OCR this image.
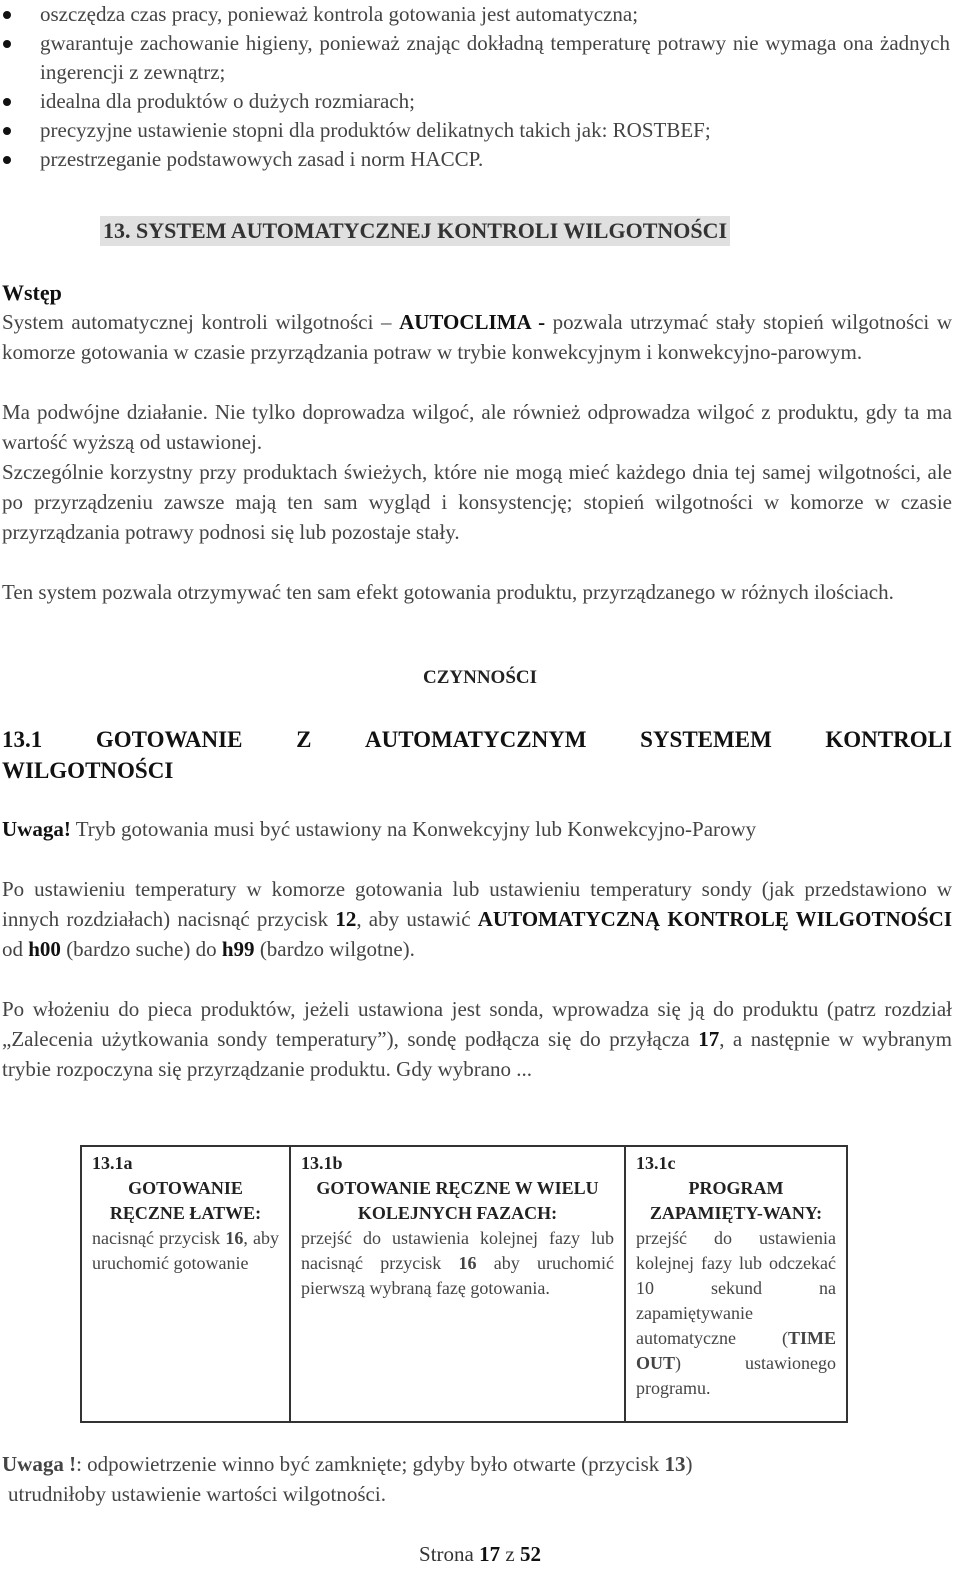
oszczędza czas pracy, ponieważ kontrola gotowania jest automatyczna;
gwarantuje zachowanie higieny, ponieważ znając dokładną temperaturę potrawy nie wymaga ona żadnych ingerencji z zewnątrz;
idealna dla produktów o dużych rozmiarach;
precyzyjne ustawienie stopni dla produktów delikatnych takich jak: ROSTBEF;
przestrzeganie podstawowych zasad i norm HACCP.
13. SYSTEM AUTOMATYCZNEJ KONTROLI WILGOTNOŚCI
Wstęp
System automatycznej kontroli wilgotności – AUTOCLIMA - pozwala utrzymać stały stopień wilgotności w komorze gotowania w czasie przyrządzania potraw w trybie konwekcyjnym i konwekcyjno-parowym.
Ma podwójne działanie. Nie tylko doprowadza wilgoć, ale również odprowadza wilgoć z produktu, gdy ta ma wartość wyższą od ustawionej.
Szczególnie korzystny przy produktach świeżych, które nie mogą mieć każdego dnia tej samej wilgotności, ale po przyrządzeniu zawsze mają ten sam wygląd i konsystencję; stopień wilgotności w komorze w czasie przyrządzania potrawy podnosi się lub pozostaje stały.
Ten system pozwala otrzymywać ten sam efekt gotowania produktu, przyrządzanego w różnych ilościach.
CZYNNOŚCI
13.1 GOTOWANIE Z AUTOMATYCZNYM SYSTEMEM KONTROLI
WILGOTNOŚCI
Uwaga! Tryb gotowania musi być ustawiony na Konwekcyjny lub Konwekcyjno-Parowy
Po ustawieniu temperatury w komorze gotowania lub ustawieniu temperatury sondy (jak przedstawiono w innych rozdziałach) nacisnąć przycisk 12, aby ustawić AUTOMATYCZNĄ KONTROLĘ WILGOTNOŚCI od h00 (bardzo suche) do h99 (bardzo wilgotne).
Po włożeniu do pieca produktów, jeżeli ustawiona jest sonda, wprowadza się ją do produktu (patrz rozdział „Zalecenia użytkowania sondy temperatury”), sondę podłącza się do przyłącza 17, a następnie w wybranym trybie rozpoczyna się przyrządzanie produktu. Gdy wybrano ...
13.1a
GOTOWANIE RĘCZNE ŁATWE:
nacisnąć przycisk 16, aby uruchomić gotowanie

13.1b
GOTOWANIE RĘCZNE W WIELU KOLEJNYCH FAZACH:
przejść do ustawienia kolejnej fazy lub nacisnąć przycisk 16 aby uruchomić pierwszą wybraną fazę gotowania.

13.1c
PROGRAM ZAPAMIĘTY-WANY:
przejść do ustawienia kolejnej fazy lub odczekać 10 sekund na zapamiętywanie automatyczne (TIME OUT) ustawionego programu.
Uwaga !: odpowietrzenie winno być zamknięte; gdyby było otwarte (przycisk 13)
utrudniłoby ustawienie wartości wilgotności.
Strona 17 z 52
